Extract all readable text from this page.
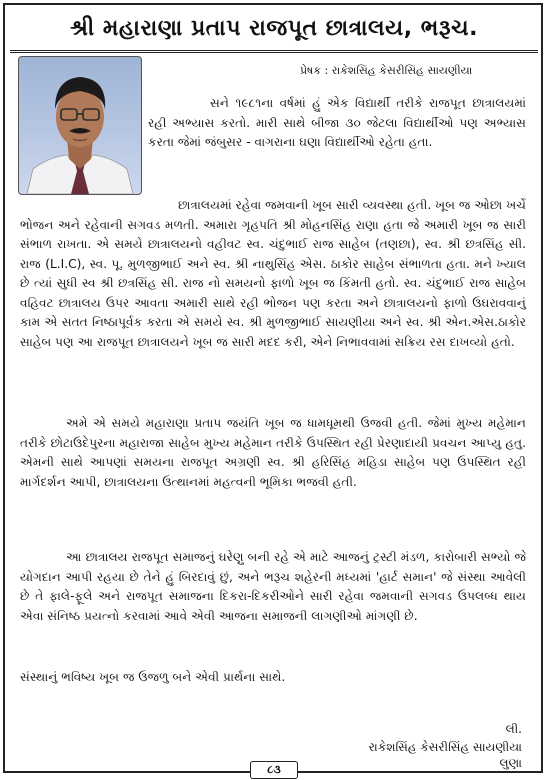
શ્રી મહારાણા પ્રતાપ રાજપૂત છાત્રાલય, ભરૂચ.
પ્રેષક : રાકેશસિંહ કેસરીસિંહ સાયણીયા

સને ૧૯૮૧ના વર્ષમાં હું એક વિદ્યાર્થી તરીકે રાજપૂત છાત્રાલયમાં રહી અભ્યાસ કરતો. મારી સાથે બીજા ૩૦ જેટલા વિદ્યાર્થીઓ પણ અભ્યાસ કરતા જેમાં જંબુસર - વાગરાના ઘણા વિદ્યાર્થીઓ રહેતા હતા.

છાત્રાલયમાં રહેવા જમવાની ખૂબ સારી વ્યવસ્થા હતી. ખૂબ જ ઓછા ખર્ચે ભોજન અને રહેવાની સગવડ મળતી. અમારા ગૃહપતિ શ્રી મોહનસિંહ રાણા હતા જે અમારી ખૂબ જ સારી સંભાળ રાખતા. એ સમયે છાત્રાલયનો વહીવટ સ્વ. ચંદુભાઈ રાજ સાહેબ (તણછા), સ્વ. શ્રી છત્રસિંહ સી. રાજ (L.I.C), સ્વ. પૂ. મુળજીભાઈ અને સ્વ. શ્રી નાથુસિંહ એસ. ઠાકોર સાહેબ સંભાળતા હતા. મને ખ્યાલ છે ત્યાં સુધી સ્વ શ્રી છત્રસિંહ સી. રાજ નો સમયનો ફાળો ખૂબ જ કિંમતી હતો. સ્વ. ચંદુભાઈ રાજ સાહેબ વહિવટ છાત્રાલય ઉપર આવતા અમારી સાથે રહી ભોજન પણ કરતા અને છાત્રાલયનો ફાળો ઉઘરાવવાનું કામ એ સતત નિષ્ઠાપૂર્વક કરતા એ સમયે સ્વ. શ્રી મુળજીભાઈ સાયણીયા અને સ્વ. શ્રી એન.એસ.ઠાકોર સાહેબ પણ આ રાજપૂત છાત્રાલયને ખૂબ જ સારી મદદ કરી, એને નિભાવવામાં સક્રિય રસ દાખવ્યો હતો.

અમે એ સમયે મહારાણા પ્રતાપ જયંતિ ખૂબ જ ધામધૂમથી ઉજવી હતી. જેમાં મુખ્ય મહેમાન તરીકે છોટાઉદેપુરના મહારાજા સાહેબ મુખ્ય મહેમાન તરીકે ઉપસ્થિત રહી પ્રેરણાદાયી પ્રવચન આપ્યુ હતુ. એમની સાથે આપણાં સમયના રાજપૂત અગ્રણી સ્વ. શ્રી હરિસિંહ મહિડા સાહેબ પણ ઉપસ્થિત રહી માર્ગદર્શન આપી, છાત્રાલયના ઉત્થાનમાં મહત્વની ભૂમિકા ભજવી હતી.

આ છાત્રાલય રાજપૂત સમાજનું ઘરેણુ બની રહે એ માટે આજનું ટ્રસ્ટી મંડળ, કારોબારી સભ્યો જે યોગદાન આપી રહયા છે તેને હું બિરદાવું છું, અને ભરૂચ શહેરની મધ્યમાં 'હાર્ટ સમાન' જે સંસ્થા આવેલી છે તે ફાલે-ફૂલે અને રાજપૂત સમાજના દિકરા-દિકરીઓને સારી રહેવા જમવાની સગવડ ઉપલબ્ધ થાય એવા સંનિષ્ઠ પ્રયત્નો કરવામાં આવે એવી આજના સમાજની લાગણીઓ માંગણી છે.

સંસ્થાનું ભવિષ્ય ખૂબ જ ઉજળુ બને એવી પ્રાર્થના સાથે.

લી.
રાકેશસિંહ કેસરીસિંહ સાયણીયા
લુણા
૮૩
